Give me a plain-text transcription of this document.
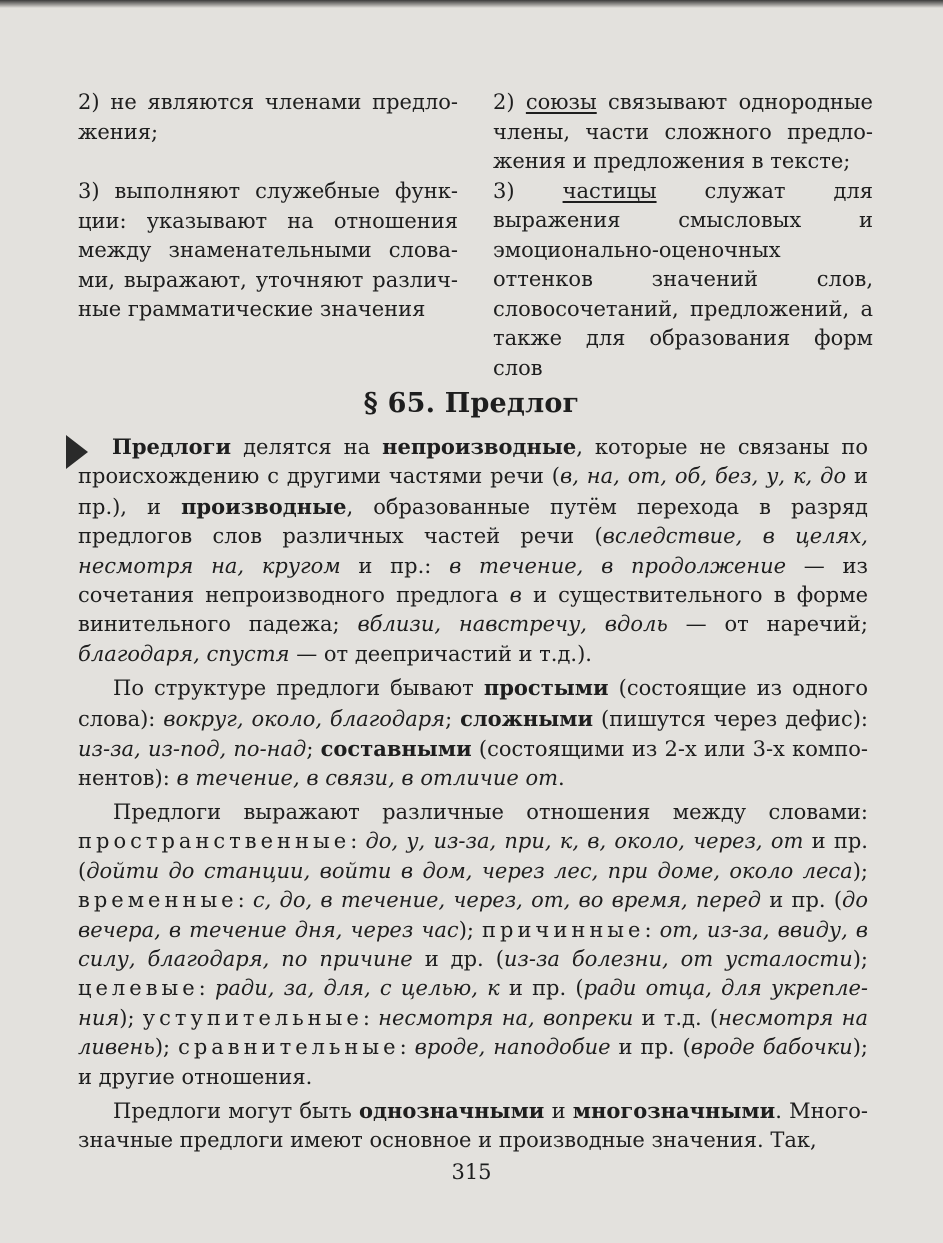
2) не являются членами предложения;

3) выполняют служебные функции: указывают на отношения между знаменательными словами, выражают, уточняют различные грамматические значения

2) союзы связывают однородные члены, части сложного предложения и предложения в тексте;

3) частицы служат для выражения смысловых и эмоционально-оценочных оттенков значений слов, словосочетаний, предложений, а также для образования форм слов

§ 65. Предлог

Предлоги делятся на непроизводные, которые не связаны по происхождению с другими частями речи (в, на, от, об, без, у, к, до и пр.), и производные, образованные путём перехода в разряд предлогов слов различных частей речи (вследствие, в целях, несмотря на, кругом и пр.: в течение, в продолжение — из сочетания непроизводного предлога в и существительного в форме винительного падежа; вблизи, навстречу, вдоль — от наречий; благодаря, спустя — от деепричастий и т.д.).

По структуре предлоги бывают простыми (состоящие из одного слова): вокруг, около, благодаря; сложными (пишутся через дефис): из-за, из-под, по-над; составными (состоящими из 2-х или 3-х компонентов): в течение, в связи, в отличие от.

Предлоги выражают различные отношения между словами: пространственные: до, у, из-за, при, к, в, около, через, от и пр. (дойти до станции, войти в дом, через лес, при доме, около леса); временные: с, до, в течение, через, от, во время, перед и пр. (до вечера, в течение дня, через час); причинные: от, из-за, ввиду, в силу, благодаря, по причине и др. (из-за болезни, от усталости); целевые: ради, за, для, с целью, к и пр. (ради отца, для укрепления); уступительные: несмотря на, вопреки и т.д. (несмотря на ливень); сравнительные: вроде, наподобие и пр. (вроде бабочки); и другие отношения.

Предлоги могут быть однозначными и многозначными. Многозначные предлоги имеют основное и производные значения. Так,

315
